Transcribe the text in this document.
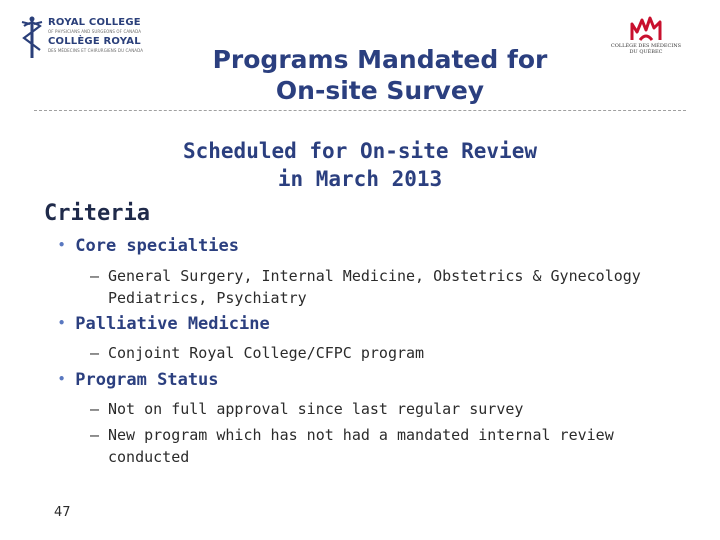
ROYAL COLLEGE
OF PHYSICIANS AND SURGEONS OF CANADA
COLLÈGE ROYAL
DES MÉDECINS ET CHIRURGIENS DU CANADA
COLLÈGE DES MÉDECINS
DU QUÉBEC
Programs Mandated for
On-site Survey
Scheduled for On-site Review
in March 2013
Criteria
• Core specialties
– General Surgery, Internal Medicine, Obstetrics & Gynecology
Pediatrics, Psychiatry
• Palliative Medicine
– Conjoint Royal College/CFPC program
• Program Status
– Not on full approval since last regular survey
– New program which has not had a mandated internal review
conducted
47
